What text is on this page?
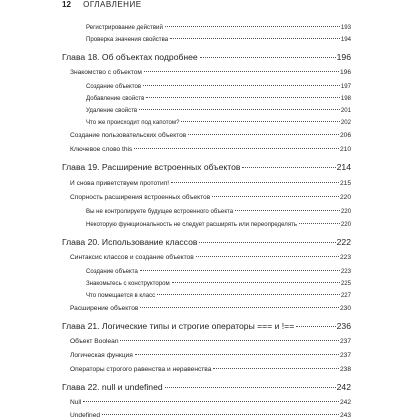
12 ОГЛАВЛЕНИЕ
Регистрирование действий	193
Проверка значения свойства	194
Глава 18. Об объектах подробнее	196
Знакомство с объектом	196
Создание объектов	197
Добавление свойств	198
Удаление свойств	201
Что же происходит под капотом?	202
Создание пользовательских объектов	206
Ключевое слово this	210
Глава 19. Расширение встроенных объектов	214
И снова приветствуем прототип!	215
Спорность расширения встроенных объектов	220
Вы не контролируете будущее встроенного объекта	220
Некоторую функциональность не следует расширять или переопределять	220
Глава 20. Использование классов	222
Синтаксис классов и создание объектов	223
Создание объекта	223
Знакомьтесь с конструктором	225
Что помещается в класс	227
Расширение объектов	230
Глава 21. Логические типы и строгие операторы === и !==	236
Объект Boolean	237
Логическая функция	237
Операторы строгого равенства и неравенства	238
Глава 22. null и undefined	242
Null	242
Undefined	243
